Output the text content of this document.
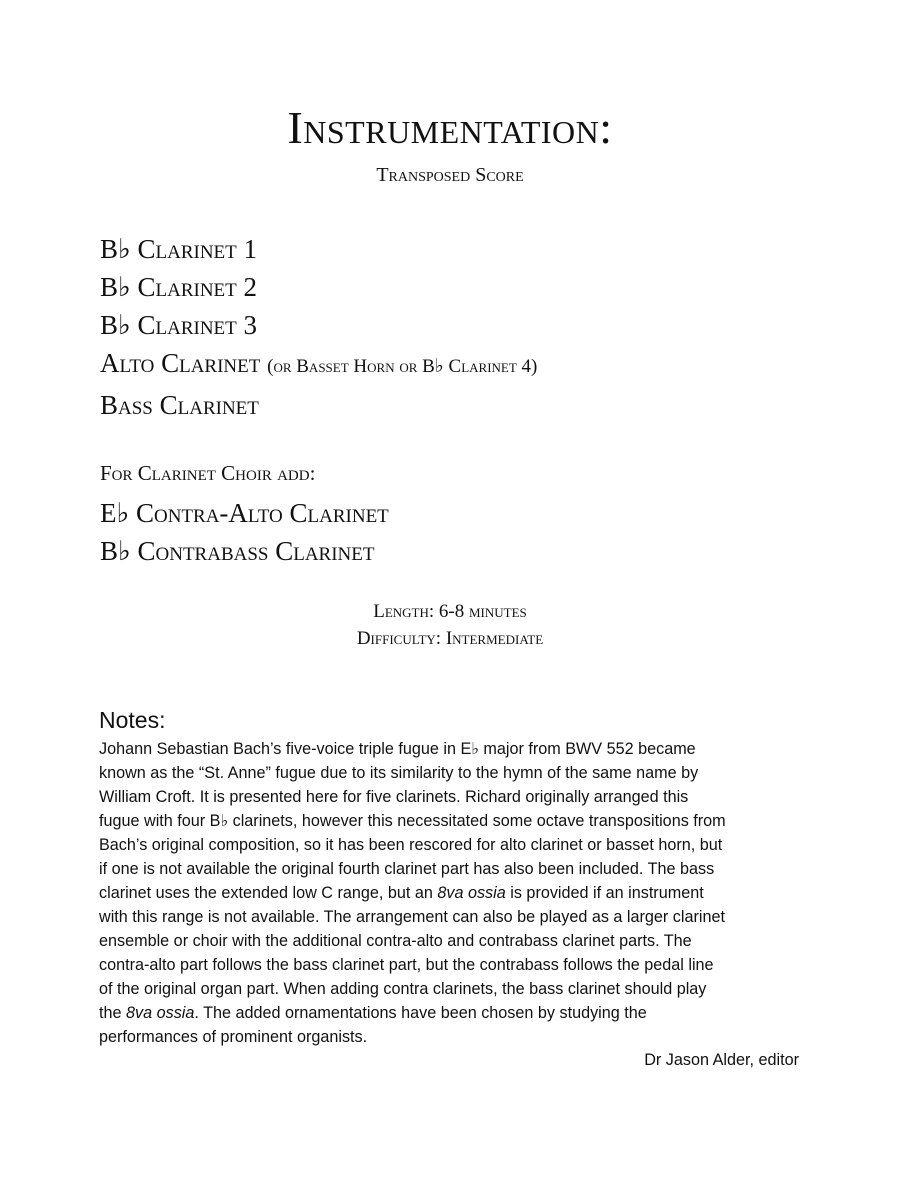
Instrumentation:
Transposed Score
B♭ Clarinet 1
B♭ Clarinet 2
B♭ Clarinet 3
Alto Clarinet (or Basset Horn or B♭ Clarinet 4)
Bass Clarinet
For Clarinet Choir add:
E♭ Contra-Alto Clarinet
B♭ Contrabass Clarinet
Length: 6-8 minutes
Difficulty: Intermediate
Notes:
Johann Sebastian Bach’s five-voice triple fugue in E♭ major from BWV 552 became
known as the “St. Anne” fugue due to its similarity to the hymn of the same name by
William Croft. It is presented here for five clarinets. Richard originally arranged this
fugue with four B♭ clarinets, however this necessitated some octave transpositions from
Bach’s original composition, so it has been rescored for alto clarinet or basset horn, but
if one is not available the original fourth clarinet part has also been included. The bass
clarinet uses the extended low C range, but an 8va ossia is provided if an instrument
with this range is not available. The arrangement can also be played as a larger clarinet
ensemble or choir with the additional contra-alto and contrabass clarinet parts. The
contra-alto part follows the bass clarinet part, but the contrabass follows the pedal line
of the original organ part. When adding contra clarinets, the bass clarinet should play
the 8va ossia. The added ornamentations have been chosen by studying the
performances of prominent organists.
Dr Jason Alder, editor
